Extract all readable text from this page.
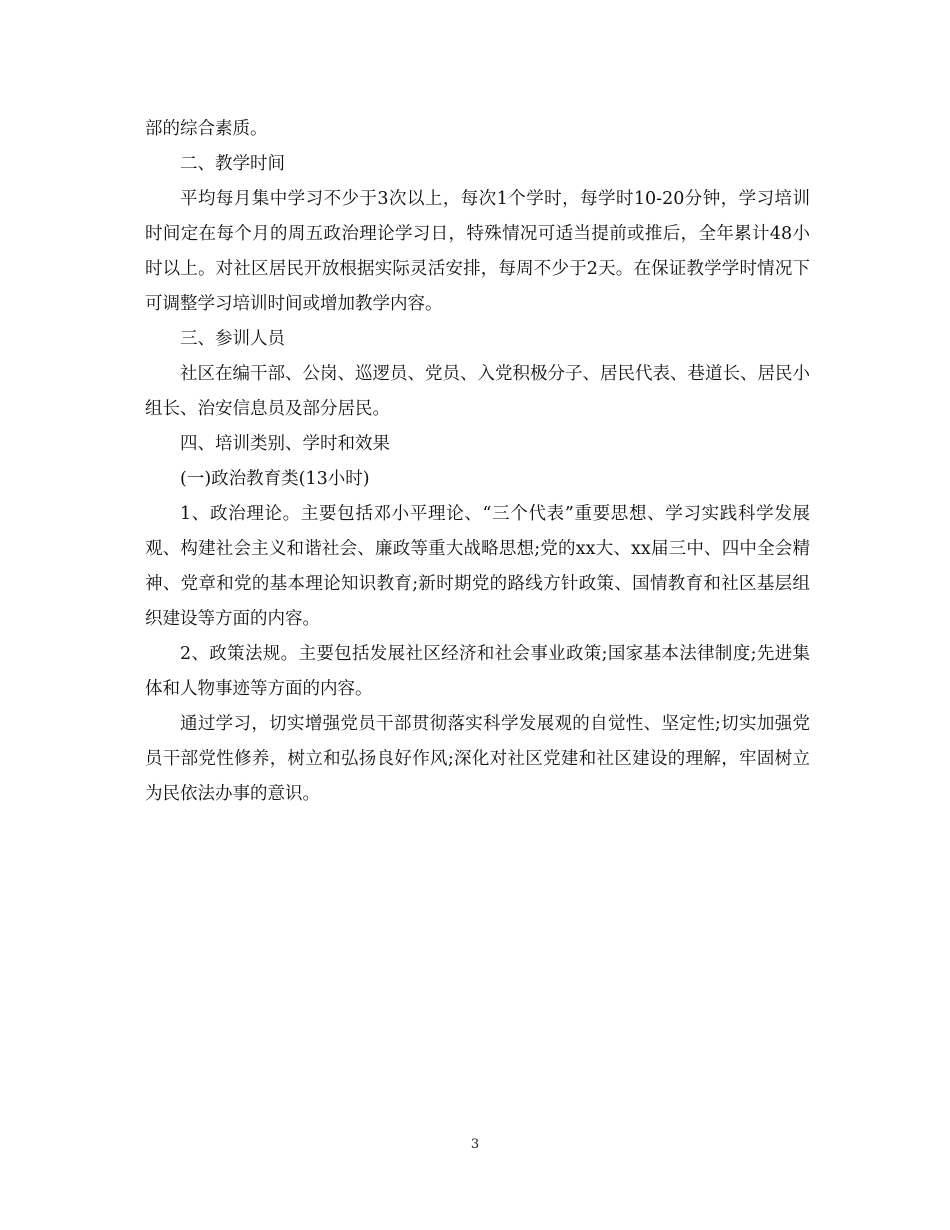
部的综合素质。

二、教学时间

平均每月集中学习不少于3次以上，每次1个学时，每学时10-20分钟，学习培训时间定在每个月的周五政治理论学习日，特殊情况可适当提前或推后，全年累计48小时以上。对社区居民开放根据实际灵活安排，每周不少于2天。在保证教学学时情况下可调整学习培训时间或增加教学内容。

三、参训人员

社区在编干部、公岗、巡逻员、党员、入党积极分子、居民代表、巷道长、居民小组长、治安信息员及部分居民。

四、培训类别、学时和效果

(一)政治教育类(13小时)

1、政治理论。主要包括邓小平理论、“三个代表”重要思想、学习实践科学发展观、构建社会主义和谐社会、廉政等重大战略思想;党的xx大、xx届三中、四中全会精神、党章和党的基本理论知识教育;新时期党的路线方针政策、国情教育和社区基层组织建设等方面的内容。

2、政策法规。主要包括发展社区经济和社会事业政策;国家基本法律制度;先进集体和人物事迹等方面的内容。

通过学习，切实增强党员干部贯彻落实科学发展观的自觉性、坚定性;切实加强党员干部党性修养，树立和弘扬良好作风;深化对社区党建和社区建设的理解，牢固树立为民依法办事的意识。

3
